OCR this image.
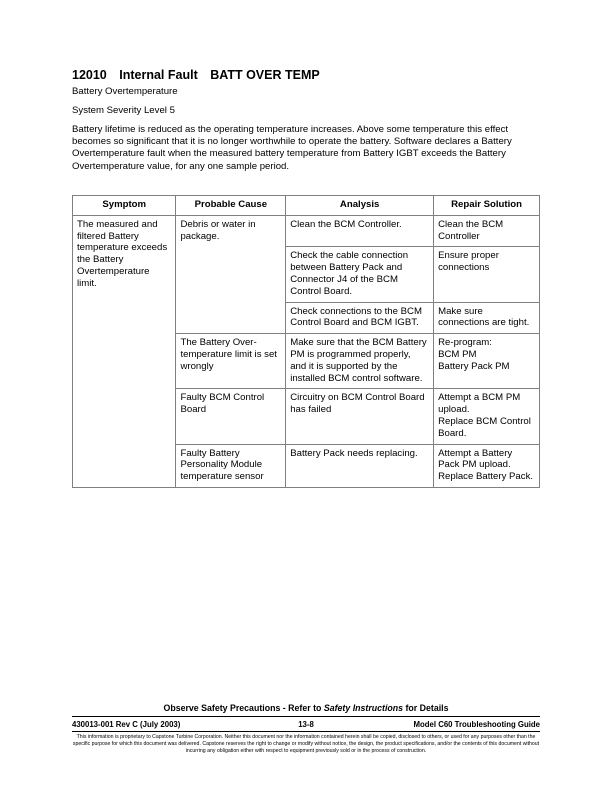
12010 Internal Fault BATT OVER TEMP
Battery Overtemperature
System Severity Level 5
Battery lifetime is reduced as the operating temperature increases. Above some temperature this effect becomes so significant that it is no longer worthwhile to operate the battery. Software declares a Battery Overtemperature fault when the measured battery temperature from Battery IGBT exceeds the Battery Overtemperature value, for any one sample period.
Symptom	Probable Cause	Analysis	Repair Solution
The measured and filtered Battery temperature exceeds the Battery Overtemperature limit.	Debris or water in package.	Clean the BCM Controller.	Clean the BCM Controller

		Check the cable connection between Battery Pack and Connector J4 of the BCM Control Board.	Ensure proper connections

		Check connections to the BCM Control Board and BCM IGBT.	Make sure connections are tight.

	The Battery Over-temperature limit is set wrongly	Make sure that the BCM Battery PM is programmed properly, and it is supported by the installed BCM control software.	Re-program:
BCM PM
Battery Pack PM

	Faulty BCM Control Board	Circuitry on BCM Control Board has failed	Attempt a BCM PM upload.
Replace BCM Control Board.

	Faulty Battery Personality Module temperature sensor	Battery Pack needs replacing.	Attempt a Battery Pack PM upload.
Replace Battery Pack.
Observe Safety Precautions - Refer to Safety Instructions for Details
430013-001 Rev C (July 2003)	13-8	Model C60 Troubleshooting Guide
This information is proprietary to Capstone Turbine Corporation. Neither this document nor the information contained herein shall be copied, disclosed to others, or used for any purposes other than the specific purpose for which this document was delivered. Capstone reserves the right to change or modify without notice, the design, the product specifications, and/or the contents of this document without incurring any obligation either with respect to equipment previously sold or in the process of construction.
